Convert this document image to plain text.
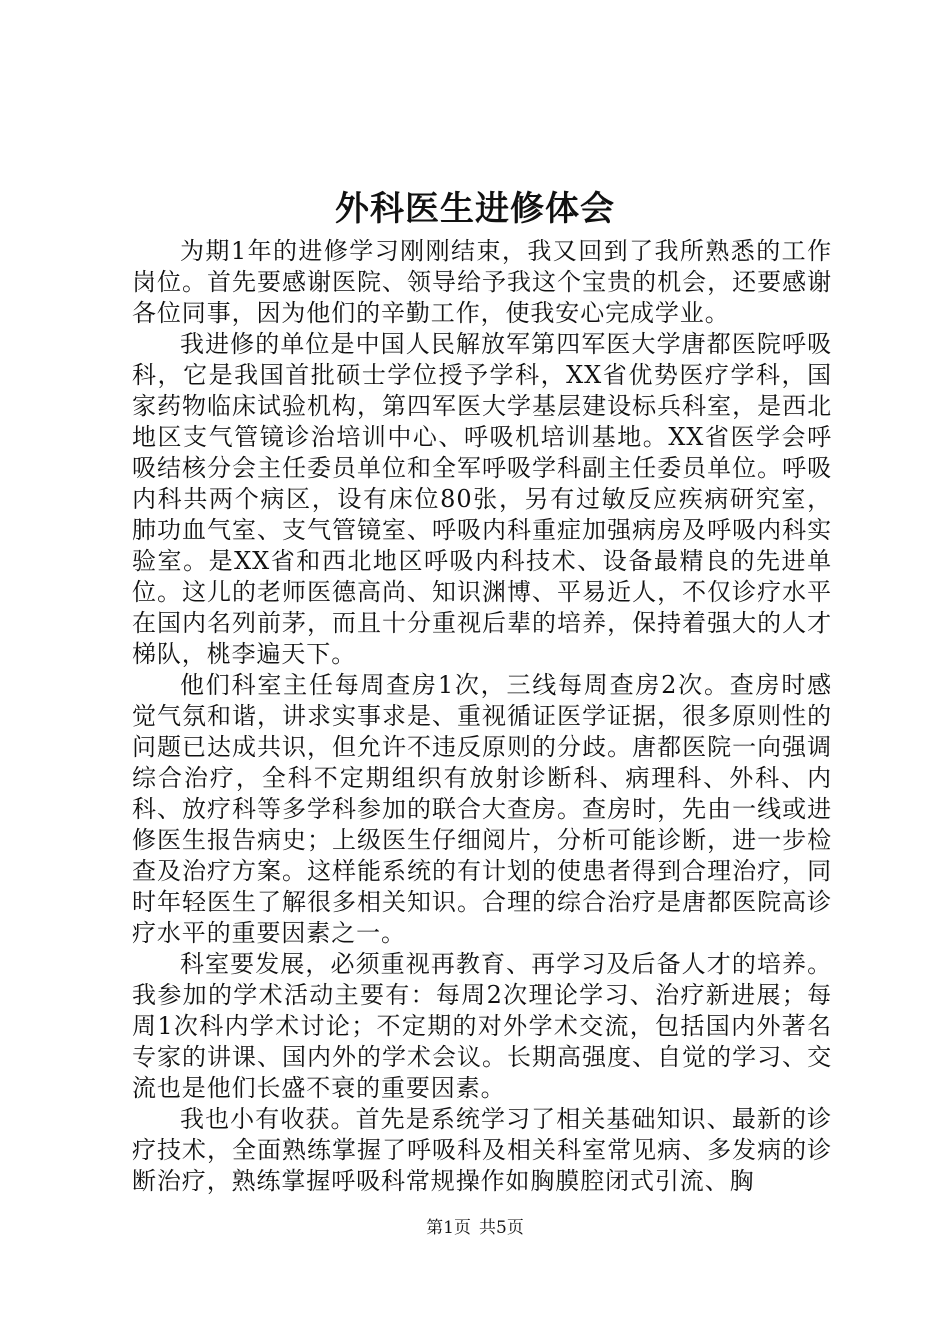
外科医生进修体会

为期1年的进修学习刚刚结束，我又回到了我所熟悉的工作岗位。首先要感谢医院、领导给予我这个宝贵的机会，还要感谢各位同事，因为他们的辛勤工作，使我安心完成学业。

我进修的单位是中国人民解放军第四军医大学唐都医院呼吸科，它是我国首批硕士学位授予学科，XX省优势医疗学科，国家药物临床试验机构，第四军医大学基层建设标兵科室，是西北地区支气管镜诊治培训中心、呼吸机培训基地。XX省医学会呼吸结核分会主任委员单位和全军呼吸学科副主任委员单位。呼吸内科共两个病区，设有床位80张，另有过敏反应疾病研究室，肺功血气室、支气管镜室、呼吸内科重症加强病房及呼吸内科实验室。是XX省和西北地区呼吸内科技术、设备最精良的先进单位。这儿的老师医德高尚、知识渊博、平易近人，不仅诊疗水平在国内名列前茅，而且十分重视后辈的培养，保持着强大的人才梯队，桃李遍天下。

他们科室主任每周查房1次，三线每周查房2次。查房时感觉气氛和谐，讲求实事求是、重视循证医学证据，很多原则性的问题已达成共识，但允许不违反原则的分歧。唐都医院一向强调综合治疗，全科不定期组织有放射诊断科、病理科、外科、内科、放疗科等多学科参加的联合大查房。查房时，先由一线或进修医生报告病史；上级医生仔细阅片，分析可能诊断，进一步检查及治疗方案。这样能系统的有计划的使患者得到合理治疗，同时年轻医生了解很多相关知识。合理的综合治疗是唐都医院高诊疗水平的重要因素之一。

科室要发展，必须重视再教育、再学习及后备人才的培养。我参加的学术活动主要有：每周2次理论学习、治疗新进展；每周1次科内学术讨论；不定期的对外学术交流，包括国内外著名专家的讲课、国内外的学术会议。长期高强度、自觉的学习、交流也是他们长盛不衰的重要因素。

我也小有收获。首先是系统学习了相关基础知识、最新的诊疗技术，全面熟练掌握了呼吸科及相关科室常见病、多发病的诊断治疗，熟练掌握呼吸科常规操作如胸膜腔闭式引流、胸

第1页 共5页
